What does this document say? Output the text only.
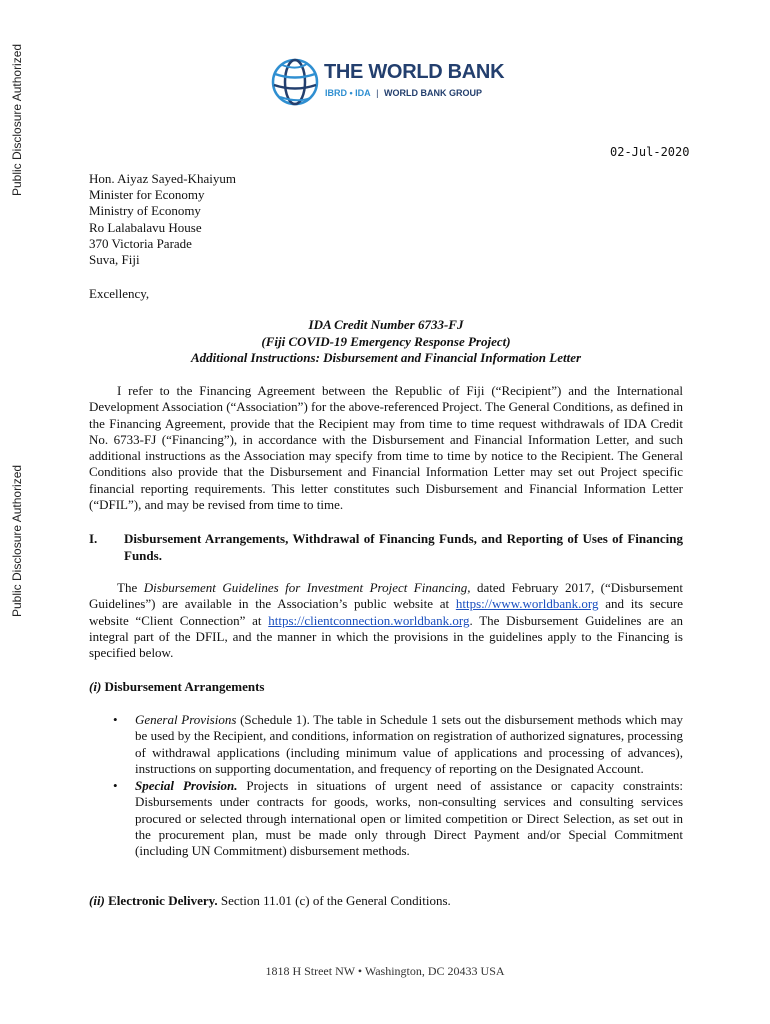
Public Disclosure Authorized
Public Disclosure Authorized
THE WORLD BANK
IBRD • IDA | WORLD BANK GROUP
02-Jul-2020
Hon. Aiyaz Sayed-Khaiyum
Minister for Economy
Ministry of Economy
Ro Lalabalavu House
370 Victoria Parade
Suva, Fiji
Excellency,
IDA Credit Number 6733-FJ
(Fiji COVID-19 Emergency Response Project)
Additional Instructions: Disbursement and Financial Information Letter

I refer to the Financing Agreement between the Republic of Fiji (“Recipient”) and the International Development Association (“Association”) for the above-referenced Project. The General Conditions, as defined in the Financing Agreement, provide that the Recipient may from time to time request withdrawals of IDA Credit No. 6733-FJ (“Financing”), in accordance with the Disbursement and Financial Information Letter, and such additional instructions as the Association may specify from time to time by notice to the Recipient. The General Conditions also provide that the Disbursement and Financial Information Letter may set out Project specific financial reporting requirements. This letter constitutes such Disbursement and Financial Information Letter (“DFIL”), and may be revised from time to time.

I. Disbursement Arrangements, Withdrawal of Financing Funds, and Reporting of Uses of Financing Funds.

The Disbursement Guidelines for Investment Project Financing, dated February 2017, (“Disbursement Guidelines”) are available in the Association’s public website at https://www.worldbank.org and its secure website “Client Connection” at https://clientconnection.worldbank.org. The Disbursement Guidelines are an integral part of the DFIL, and the manner in which the provisions in the guidelines apply to the Financing is specified below.

(i) Disbursement Arrangements
• General Provisions (Schedule 1). The table in Schedule 1 sets out the disbursement methods which may be used by the Recipient, and conditions, information on registration of authorized signatures, processing of withdrawal applications (including minimum value of applications and processing of advances), instructions on supporting documentation, and frequency of reporting on the Designated Account.
• Special Provision. Projects in situations of urgent need of assistance or capacity constraints: Disbursements under contracts for goods, works, non-consulting services and consulting services procured or selected through international open or limited competition or Direct Selection, as set out in the procurement plan, must be made only through Direct Payment and/or Special Commitment (including UN Commitment) disbursement methods.
(ii) Electronic Delivery. Section 11.01 (c) of the General Conditions.
1818 H Street NW • Washington, DC 20433 USA
